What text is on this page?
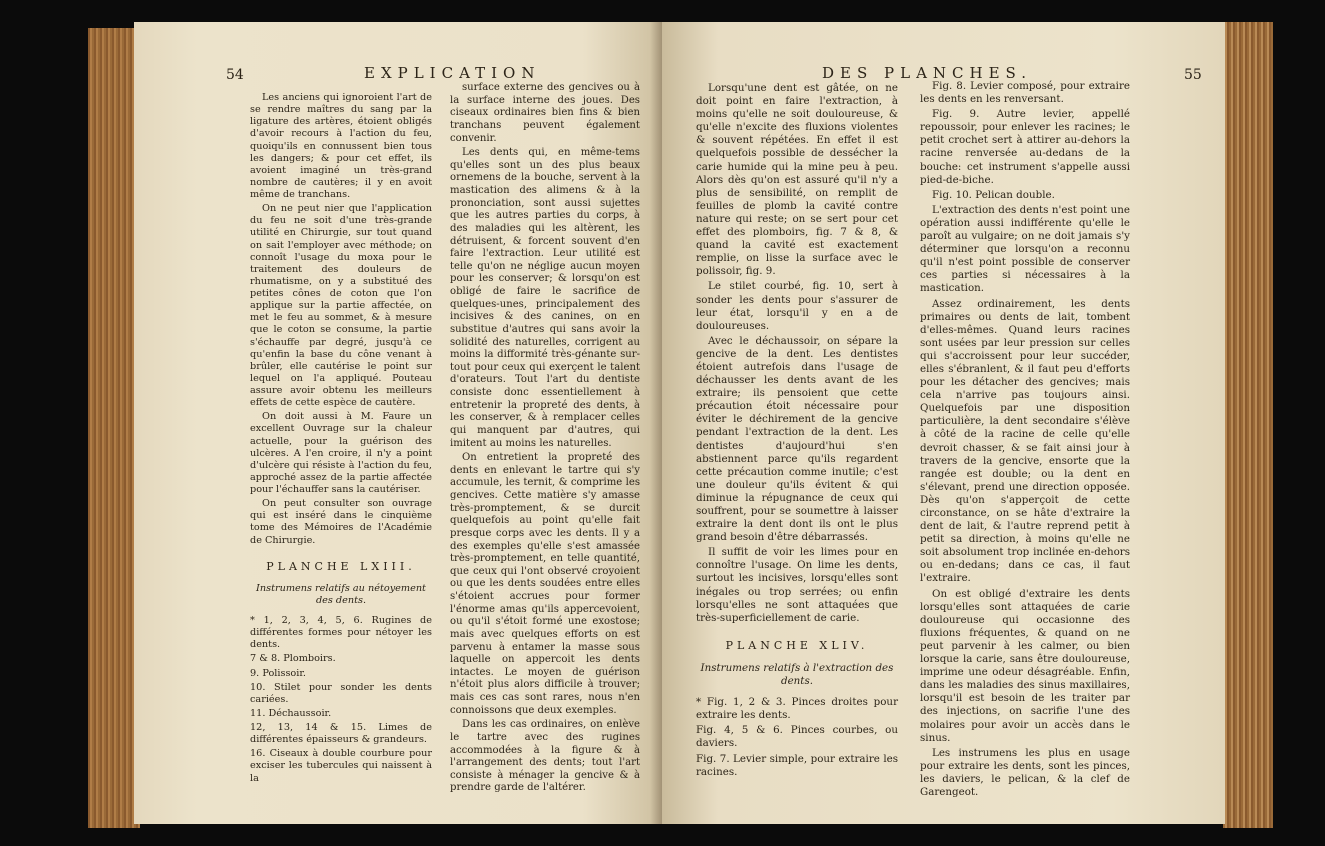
54	EXPLICATION

Les anciens qui ignoroient l'art de se rendre maîtres du sang par la ligature des artères, étoient obligés d'avoir recours à l'action du feu, quoiqu'ils en connussent bien tous les dangers; & pour cet effet, ils avoient imaginé un très-grand nombre de cautères; il y en avoit même de tranchans.

On ne peut nier que l'application du feu ne soit d'une très-grande utilité en Chirurgie, sur tout quand on sait l'employer avec méthode; on connoît l'usage du moxa pour le traitement des douleurs de rhumatisme, on y a substitué des petites cônes de coton que l'on applique sur la partie affectée, on met le feu au sommet, & à mesure que le coton se consume, la partie s'échauffe par degré, jusqu'à ce qu'enfin la base du cône venant à brûler, elle cautérise le point sur lequel on l'a appliqué. Pouteau assure avoir obtenu les meilleurs effets de cette espèce de cautère.

On doit aussi à M. Faure un excellent Ouvrage sur la chaleur actuelle, pour la guérison des ulcères. A l'en croire, il n'y a point d'ulcère qui résiste à l'action du feu, approché assez de la partie affectée pour l'échauffer sans la cautériser.

On peut consulter son ouvrage qui est inséré dans le cinquième tome des Mémoires de l'Académie de Chirurgie.

PLANCHE LXIII.
Instrumens relatifs au nétoyement des dents.

* 1, 2, 3, 4, 5, 6. Rugines de différentes formes pour nétoyer les dents.

7 & 8. Plomboirs.

9. Polissoir.

10. Stilet pour sonder les dents cariées.

11. Déchaussoir.

12, 13, 14 & 15. Limes de différentes épaisseurs & grandeurs.

16. Ciseaux à double courbure pour exciser les tubercules qui naissent à la

surface externe des gencives ou à la surface interne des joues. Des ciseaux ordinaires bien fins & bien tranchans peuvent également convenir.

Les dents qui, en même-tems qu'elles sont un des plus beaux ornemens de la bouche, servent à la mastication des alimens & à la prononciation, sont aussi sujettes que les autres parties du corps, à des maladies qui les altèrent, les détruisent, & forcent souvent d'en faire l'extraction. Leur utilité est telle qu'on ne néglige aucun moyen pour les conserver; & lorsqu'on est obligé de faire le sacrifice de quelques-unes, principalement des incisives & des canines, on en substitue d'autres qui sans avoir la solidité des naturelles, corrigent au moins la difformité très-génante sur-tout pour ceux qui exerçent le talent d'orateurs. Tout l'art du dentiste consiste donc essentiellement à entretenir la propreté des dents, à les conserver, & à remplacer celles qui manquent par d'autres, qui imitent au moins les naturelles.

On entretient la propreté des dents en enlevant le tartre qui s'y accumule, les ternit, & comprime les gencives. Cette matière s'y amasse très-promptement, & se durcit quelquefois au point qu'elle fait presque corps avec les dents. Il y a des exemples qu'elle s'est amassée très-promptement, en telle quantité, que ceux qui l'ont observé croyoient ou que les dents soudées entre elles s'étoient accrues pour former l'énorme amas qu'ils appercevoient, ou qu'il s'étoit formé une exostose; mais avec quelques efforts on est parvenu à entamer la masse sous laquelle on appercoit les dents intactes. Le moyen de guérison n'étoit plus alors difficile à trouver; mais ces cas sont rares, nous n'en connoissons que deux exemples.

Dans les cas ordinaires, on enlève le tartre avec des rugines accommodées à la figure & à l'arrangement des dents; tout l'art consiste à ménager la gencive & à prendre garde de l'altérer.

DES PLANCHES.	55

Lorsqu'une dent est gâtée, on ne doit point en faire l'extraction, à moins qu'elle ne soit douloureuse, & qu'elle n'excite des fluxions violentes & souvent répétées. En effet il est quelquefois possible de dessécher la carie humide qui la mine peu à peu. Alors dès qu'on est assuré qu'il n'y a plus de sensibilité, on remplit de feuilles de plomb la cavité contre nature qui reste; on se sert pour cet effet des plomboirs, fig. 7 & 8, & quand la cavité est exactement remplie, on lisse la surface avec le polissoir, fig. 9.

Le stilet courbé, fig. 10, sert à sonder les dents pour s'assurer de leur état, lorsqu'il y en a de douloureuses.

Avec le déchaussoir, on sépare la gencive de la dent. Les dentistes étoient autrefois dans l'usage de déchausser les dents avant de les extraire; ils pensoient que cette précaution étoit nécessaire pour éviter le déchirement de la gencive pendant l'extraction de la dent. Les dentistes d'aujourd'hui s'en abstiennent parce qu'ils regardent cette précaution comme inutile; c'est une douleur qu'ils évitent & qui diminue la répugnance de ceux qui souffrent, pour se soumettre à laisser extraire la dent dont ils ont le plus grand besoin d'être débarrassés.

Il suffit de voir les limes pour en connoître l'usage. On lime les dents, surtout les incisives, lorsqu'elles sont inégales ou trop serrées; ou enfin lorsqu'elles ne sont attaquées que très-superficiellement de carie.

PLANCHE XLIV.
Instrumens relatifs à l'extraction des dents.

* Fig. 1, 2 & 3. Pinces droites pour extraire les dents.

Fig. 4, 5 & 6. Pinces courbes, ou daviers.

Fig. 7. Levier simple, pour extraire les racines.

Fig. 8. Levier composé, pour extraire les dents en les renversant.

Fig. 9. Autre levier, appellé repoussoir, pour enlever les racines; le petit crochet sert à attirer au-dehors la racine renversée au-dedans de la bouche: cet instrument s'appelle aussi pied-de-biche.

Fig. 10. Pelican double.

L'extraction des dents n'est point une opération aussi indifférente qu'elle le paroît au vulgaire; on ne doit jamais s'y déterminer que lorsqu'on a reconnu qu'il n'est point possible de conserver ces parties si nécessaires à la mastication.

Assez ordinairement, les dents primaires ou dents de lait, tombent d'elles-mêmes. Quand leurs racines sont usées par leur pression sur celles qui s'accroissent pour leur succéder, elles s'ébranlent, & il faut peu d'efforts pour les détacher des gencives; mais cela n'arrive pas toujours ainsi. Quelquefois par une disposition particulière, la dent secondaire s'élève à côté de la racine de celle qu'elle devroit chasser, & se fait ainsi jour à travers de la gencive, ensorte que la rangée est double; ou la dent en s'élevant, prend une direction opposée. Dès qu'on s'apperçoit de cette circonstance, on se hâte d'extraire la dent de lait, & l'autre reprend petit à petit sa direction, à moins qu'elle ne soit absolument trop inclinée en-dehors ou en-dedans; dans ce cas, il faut l'extraire.

On est obligé d'extraire les dents lorsqu'elles sont attaquées de carie douloureuse qui occasionne des fluxions fréquentes, & quand on ne peut parvenir à les calmer, ou bien lorsque la carie, sans être douloureuse, imprime une odeur désagréable. Enfin, dans les maladies des sinus maxillaires, lorsqu'il est besoin de les traiter par des injections, on sacrifie l'une des molaires pour avoir un accès dans le sinus.

Les instrumens les plus en usage pour extraire les dents, sont les pinces, les daviers, le pelican, & la clef de Garengeot.
